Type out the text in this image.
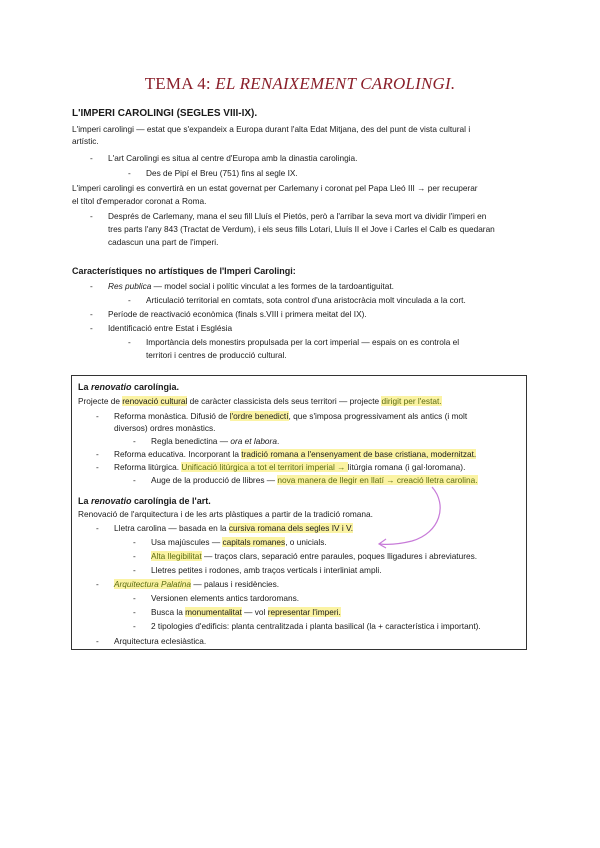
TEMA 4: EL RENAIXEMENT CAROLINGI.
L'IMPERI CAROLINGI (SEGLES VIII-IX).
L'imperi carolingi — estat que s'expandeix a Europa durant l'alta Edat Mitjana, des del punt de vista cultural i
artístic.
- L'art Carolingi es situa al centre d'Europa amb la dinastia carolingia.
- Des de Pipí el Breu (751) fins al segle IX.
L'imperi carolingi es convertirà en un estat governat per Carlemany i coronat pel Papa Lleó III → per recuperar
el títol d'emperador coronat a Roma.
- Després de Carlemany, mana el seu fill Lluís el Pietós, però a l'arribar la seva mort va dividir l'imperi en
tres parts l'any 843 (Tractat de Verdum), i els seus fills Lotari, Lluís II el Jove i Carles el Calb es quedaran
cadascun una part de l'imperi.
Característiques no artístiques de l'Imperi Carolingi:
- Res publica — model social i polític vinculat a les formes de la tardoantiguitat.
- Articulació territorial en comtats, sota control d'una aristocràcia molt vinculada a la cort.
- Període de reactivació econòmica (finals s.VIII i primera meitat del IX).
- Identificació entre Estat i Església
- Importància dels monestirs propulsada per la cort imperial — espais on es controla el
territori i centres de producció cultural.
La renovatio carolíngia.
Projecte de renovació cultural de caràcter classicista dels seus territori — projecte dirigit per l'estat.
- Reforma monàstica. Difusió de l'ordre benedictí, que s'imposa progressivament als antics (i molt
diversos) ordres monàstics.
- Regla benedictina — ora et labora.
- Reforma educativa. Incorporant la tradició romana a l'ensenyament de base cristiana, modernitzat.
- Reforma litúrgica. Unificació litúrgica a tot el territori imperial → litúrgia romana (i gal·loromana).
- Auge de la producció de llibres — nova manera de llegir en llatí → creació lletra carolina.
La renovatio carolíngia de l'art.
Renovació de l'arquitectura i de les arts plàstiques a partir de la tradició romana.
- Lletra carolina — basada en la cursiva romana dels segles IV i V.
- Usa majúscules — capitals romanes, o unicials.
- Alta llegibilitat — traços clars, separació entre paraules, poques lligadures i abreviatures.
- Lletres petites i rodones, amb traços verticals i interliniat ampli.
- Arquitectura Palatina — palaus i residències.
- Versionen elements antics tardoromans.
- Busca la monumentalitat — vol representar l'imperi.
- 2 tipologies d'edificis: planta centralitzada i planta basilical (la + característica i important).
- Arquitectura eclesiàstica.
